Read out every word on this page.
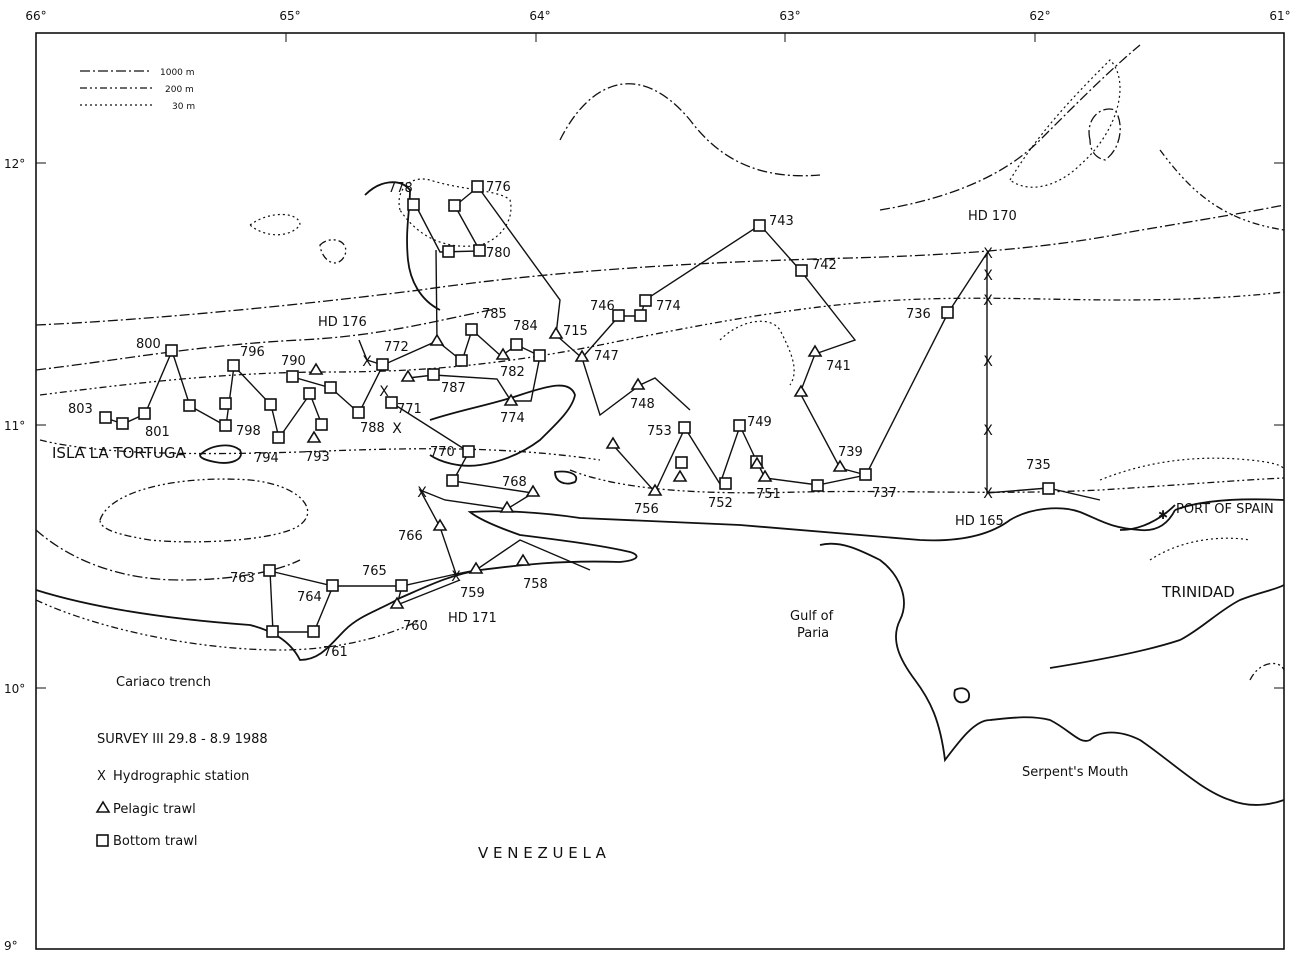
66°	65°	64°	63°	62°	61°
12°
11°
10°
9°
X
X
X
X
X
X
X
X
X
X
X
778	776
780
743
742
785
784 715
746	774
736
800
796
790
772
787
782
747
741
803
801	798
794 793
788
771
774
748
749
753
739
770
768
737
735
756	752
751
766
763
764
765
760
761
759
758
HD 176
HD 170
HD 165
HD 171
ISLA LA TORTUGA
PORT OF SPAIN
✱
TRINIDAD
Gulf of
Paria
Cariaco trench
Serpent's Mouth
V E N E Z U E L A
1000 m
200 m
30 m
SURVEY III 29.8 - 8.9 1988
X Hydrographic station
Pelagic trawl
Bottom trawl
